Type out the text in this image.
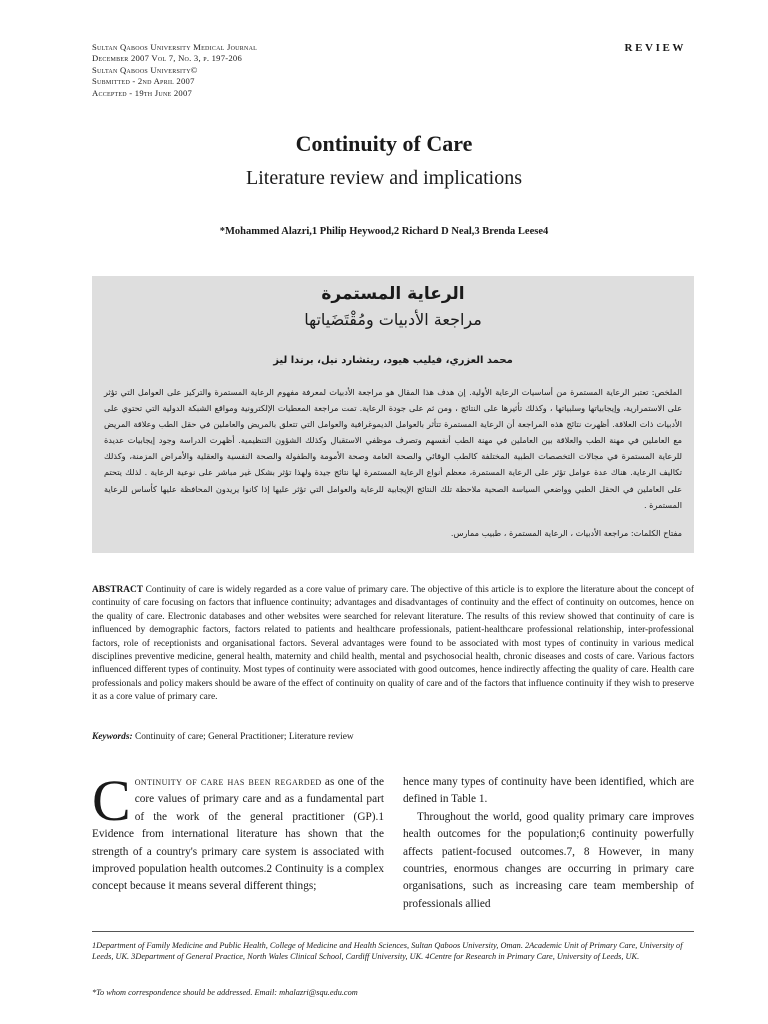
Sultan Qaboos University Medical Journal
December 2007 Vol 7, No. 3, p. 197-206
Sultan Qaboos University©
Submitted - 2nd April 2007
Accepted - 19th June 2007
REVIEW
Continuity of Care
Literature review and implications
*Mohammed Alazri,1 Philip Heywood,2 Richard D Neal,3 Brenda Leese4
الرعاية المستمرة
مراجعة الأدبيات ومُقْتَضَياتها
محمد العزري، فيليب هيود، ريتشارد نيل، برندا ليز
الملخص: تعتبر الرعاية المستمرة من أساسيات الرعاية الأولية. إن هدف هذا المقال هو مراجعة الأدبيات لمعرفة مفهوم الرعاية المستمرة والتركيز على العوامل التي تؤثر على الاستمرارية، وإيجابياتها وسلبياتها ، وكذلك تأثيرها على النتائج ، ومن ثم على جودة الرعاية. تمت مراجعة المعطيات الإلكترونية ومواقع الشبكة الدولية التي تحتوي على الأدبيات ذات العلاقة. أظهرت نتائج هذه المراجعة أن الرعاية المستمرة تتأثر بالعوامل الديموغرافية والعوامل التي تتعلق بالمريض والعاملين في حقل الطب وعلاقة المريض مع العاملين في مهنة الطب والعلاقة بين العاملين في مهنة الطب أنفسهم وتصرف موظفي الاستقبال وكذلك الشؤون التنظيمية. أظهرت الدراسة وجود إيجابيات عديدة للرعاية المستمرة في مجالات التخصصات الطبية المختلفة كالطب الوقائي والصحة العامة وصحة الأمومة والطفولة والصحة النفسية والعقلية والأمراض المزمنة، وكذلك تكاليف الرعاية. هناك عدة عوامل تؤثر على الرعاية المستمرة، معظم أنواع الرعاية المستمرة لها نتائج جيدة ولهذا تؤثر بشكل غير مباشر على نوعية الرعاية . لذلك يتحتم على العاملين في الحقل الطبي وواضعي السياسة الصحية ملاحظة تلك النتائج الإيجابية للرعاية والعوامل التي تؤثر عليها إذا كانوا يريدون المحافظة عليها كأساس للرعاية المستمرة .
مفتاح الكلمات: مراجعة الأدبيات ، الرعاية المستمرة ، طبيب ممارس.
ABSTRACT Continuity of care is widely regarded as a core value of primary care. The objective of this article is to explore the literature about the concept of continuity of care focusing on factors that influence continuity; advantages and disadvantages of continuity and the effect of continuity on outcomes, hence on the quality of care. Electronic databases and other websites were searched for relevant literature. The results of this review showed that continuity of care is influenced by demographic factors, factors related to patients and healthcare professionals, patient-healthcare professional relationship, inter-professional factors, role of receptionists and organisational factors. Several advantages were found to be associated with most types of continuity in various medical disciplines preventive medicine, general health, maternity and child health, mental and psychosocial health, chronic diseases and costs of care. Various factors influenced different types of continuity. Most types of continuity were associated with good outcomes, hence indirectly affecting the quality of care. Health care professionals and policy makers should be aware of the effect of continuity on quality of care and of the factors that influence continuity if they wish to preserve it as a core value of primary care.
Keywords: Continuity of care; General Practitioner; Literature review
Continuity of care has been regarded as one of the core values of primary care and as a fundamental part of the work of the general practitioner (GP).1 Evidence from international literature has shown that the strength of a country's primary care system is associated with improved population health outcomes.2 Continuity is a complex concept because it means several different things;
hence many types of continuity have been identified, which are defined in Table 1.
Throughout the world, good quality primary care improves health outcomes for the population;6 continuity powerfully affects patient-focused outcomes.7, 8 However, in many countries, enormous changes are occurring in primary care organisations, such as increasing care team membership of professionals allied
1Department of Family Medicine and Public Health, College of Medicine and Health Sciences, Sultan Qaboos University, Oman. 2Academic Unit of Primary Care, University of Leeds, UK. 3Department of General Practice, North Wales Clinical School, Cardiff University, UK. 4Centre for Research in Primary Care, University of Leeds, UK.
*To whom correspondence should be addressed. Email: mhalazri@squ.edu.com
